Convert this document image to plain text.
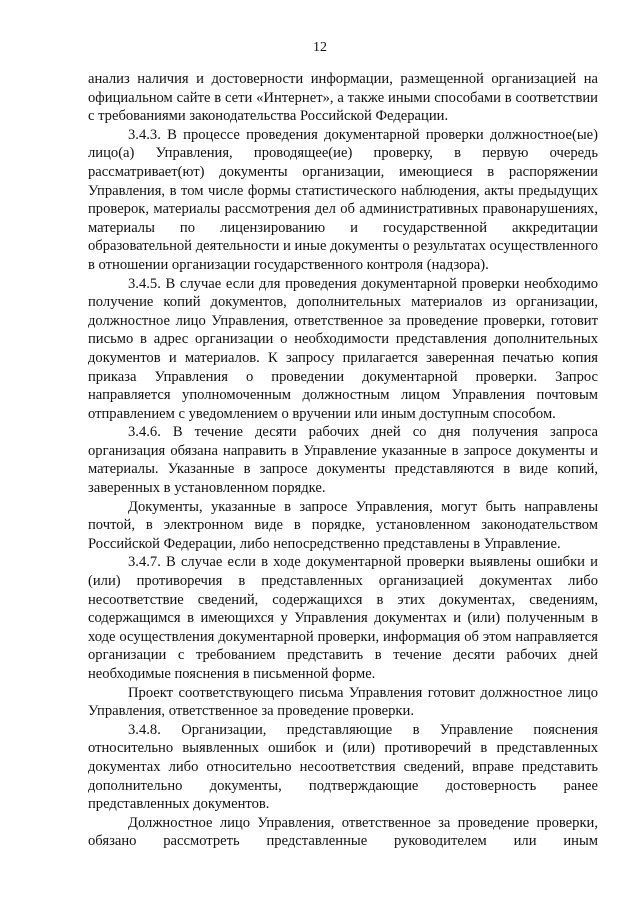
12

анализ наличия и достоверности информации, размещенной организацией на официальном сайте в сети «Интернет», а также иными способами в соответствии с требованиями законодательства Российской Федерации.

3.4.3. В процессе проведения документарной проверки должностное(ые) лицо(а) Управления, проводящее(ие) проверку, в первую очередь рассматривает(ют) документы организации, имеющиеся в распоряжении Управления, в том числе формы статистического наблюдения, акты предыдущих проверок, материалы рассмотрения дел об административных правонарушениях, материалы по лицензированию и государственной аккредитации образовательной деятельности и иные документы о результатах осуществленного в отношении организации государственного контроля (надзора).

3.4.5. В случае если для проведения документарной проверки необходимо получение копий документов, дополнительных материалов из организации, должностное лицо Управления, ответственное за проведение проверки, готовит письмо в адрес организации о необходимости представления дополнительных документов и материалов. К запросу прилагается заверенная печатью копия приказа Управления о проведении документарной проверки. Запрос направляется уполномоченным должностным лицом Управления почтовым отправлением с уведомлением о вручении или иным доступным способом.

3.4.6. В течение десяти рабочих дней со дня получения запроса организация обязана направить в Управление указанные в запросе документы и материалы. Указанные в запросе документы представляются в виде копий, заверенных в установленном порядке.

Документы, указанные в запросе Управления, могут быть направлены почтой, в электронном виде в порядке, установленном законодательством Российской Федерации, либо непосредственно представлены в Управление.

3.4.7. В случае если в ходе документарной проверки выявлены ошибки и (или) противоречия в представленных организацией документах либо несоответствие сведений, содержащихся в этих документах, сведениям, содержащимся в имеющихся у Управления документах и (или) полученным в ходе осуществления документарной проверки, информация об этом направляется организации с требованием представить в течение десяти рабочих дней необходимые пояснения в письменной форме.

Проект соответствующего письма Управления готовит должностное лицо Управления, ответственное за проведение проверки.

3.4.8. Организации, представляющие в Управление пояснения относительно выявленных ошибок и (или) противоречий в представленных документах либо относительно несоответствия сведений, вправе представить дополнительно документы, подтверждающие достоверность ранее представленных документов.

Должностное лицо Управления, ответственное за проведение проверки, обязано рассмотреть представленные руководителем или иным
